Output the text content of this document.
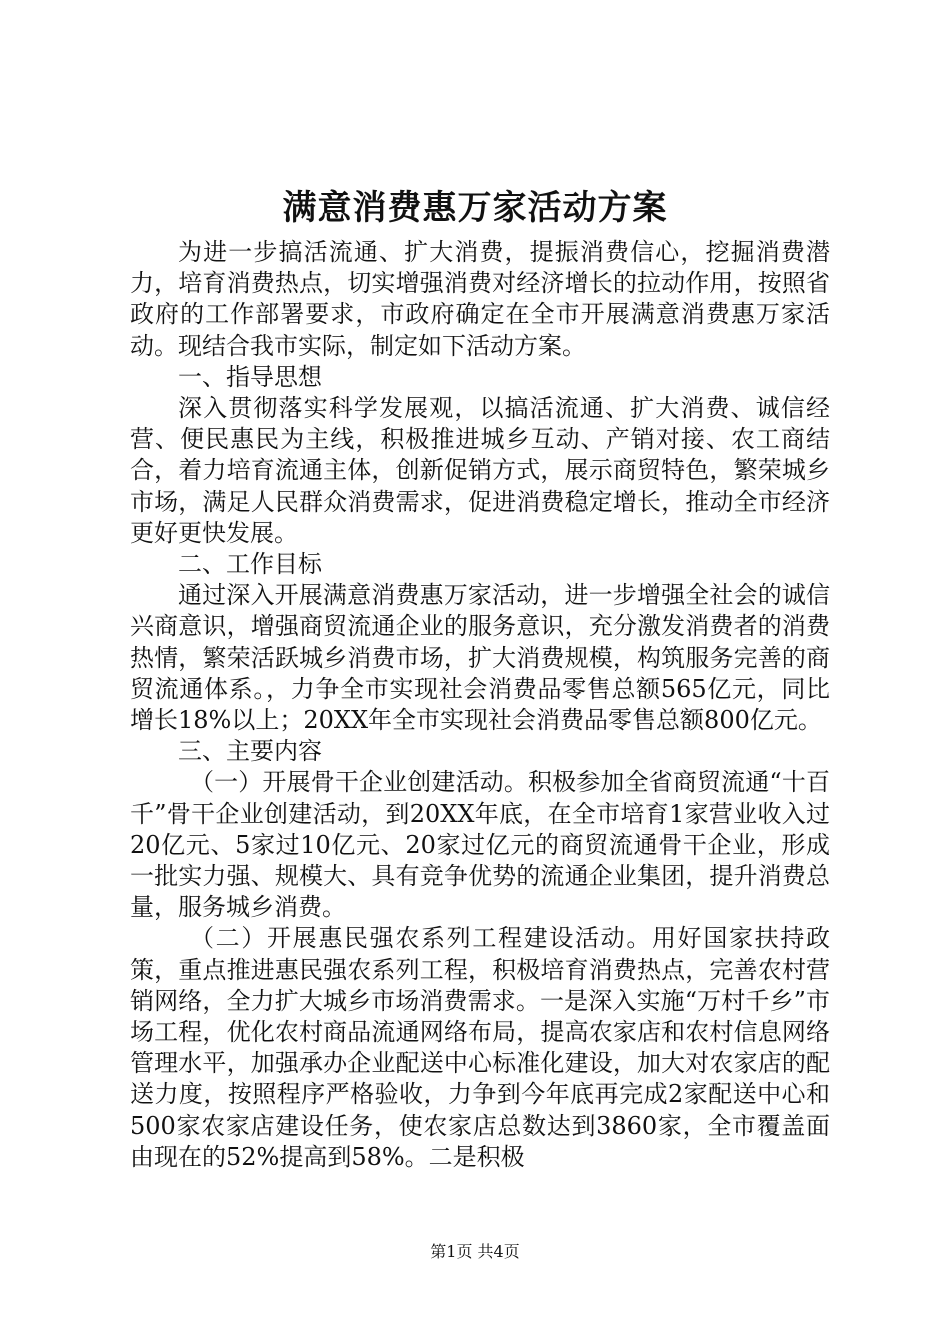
满意消费惠万家活动方案

为进一步搞活流通、扩大消费，提振消费信心，挖掘消费潜力，培育消费热点，切实增强消费对经济增长的拉动作用，按照省政府的工作部署要求，市政府确定在全市开展满意消费惠万家活动。现结合我市实际，制定如下活动方案。

一、指导思想

深入贯彻落实科学发展观，以搞活流通、扩大消费、诚信经营、便民惠民为主线，积极推进城乡互动、产销对接、农工商结合，着力培育流通主体，创新促销方式，展示商贸特色，繁荣城乡市场，满足人民群众消费需求，促进消费稳定增长，推动全市经济更好更快发展。

二、工作目标

通过深入开展满意消费惠万家活动，进一步增强全社会的诚信兴商意识，增强商贸流通企业的服务意识，充分激发消费者的消费热情，繁荣活跃城乡消费市场，扩大消费规模，构筑服务完善的商贸流通体系。，力争全市实现社会消费品零售总额565亿元，同比增长18%以上；20XX年全市实现社会消费品零售总额800亿元。

三、主要内容

（一）开展骨干企业创建活动。积极参加全省商贸流通“十百千”骨干企业创建活动，到20XX年底，在全市培育1家营业收入过20亿元、5家过10亿元、20家过亿元的商贸流通骨干企业，形成一批实力强、规模大、具有竞争优势的流通企业集团，提升消费总量，服务城乡消费。

（二）开展惠民强农系列工程建设活动。用好国家扶持政策，重点推进惠民强农系列工程，积极培育消费热点，完善农村营销网络，全力扩大城乡市场消费需求。一是深入实施“万村千乡”市场工程，优化农村商品流通网络布局，提高农家店和农村信息网络管理水平，加强承办企业配送中心标准化建设，加大对农家店的配送力度，按照程序严格验收，力争到今年底再完成2家配送中心和500家农家店建设任务，使农家店总数达到3860家，全市覆盖面由现在的52%提高到58%。二是积极

第1页 共4页
